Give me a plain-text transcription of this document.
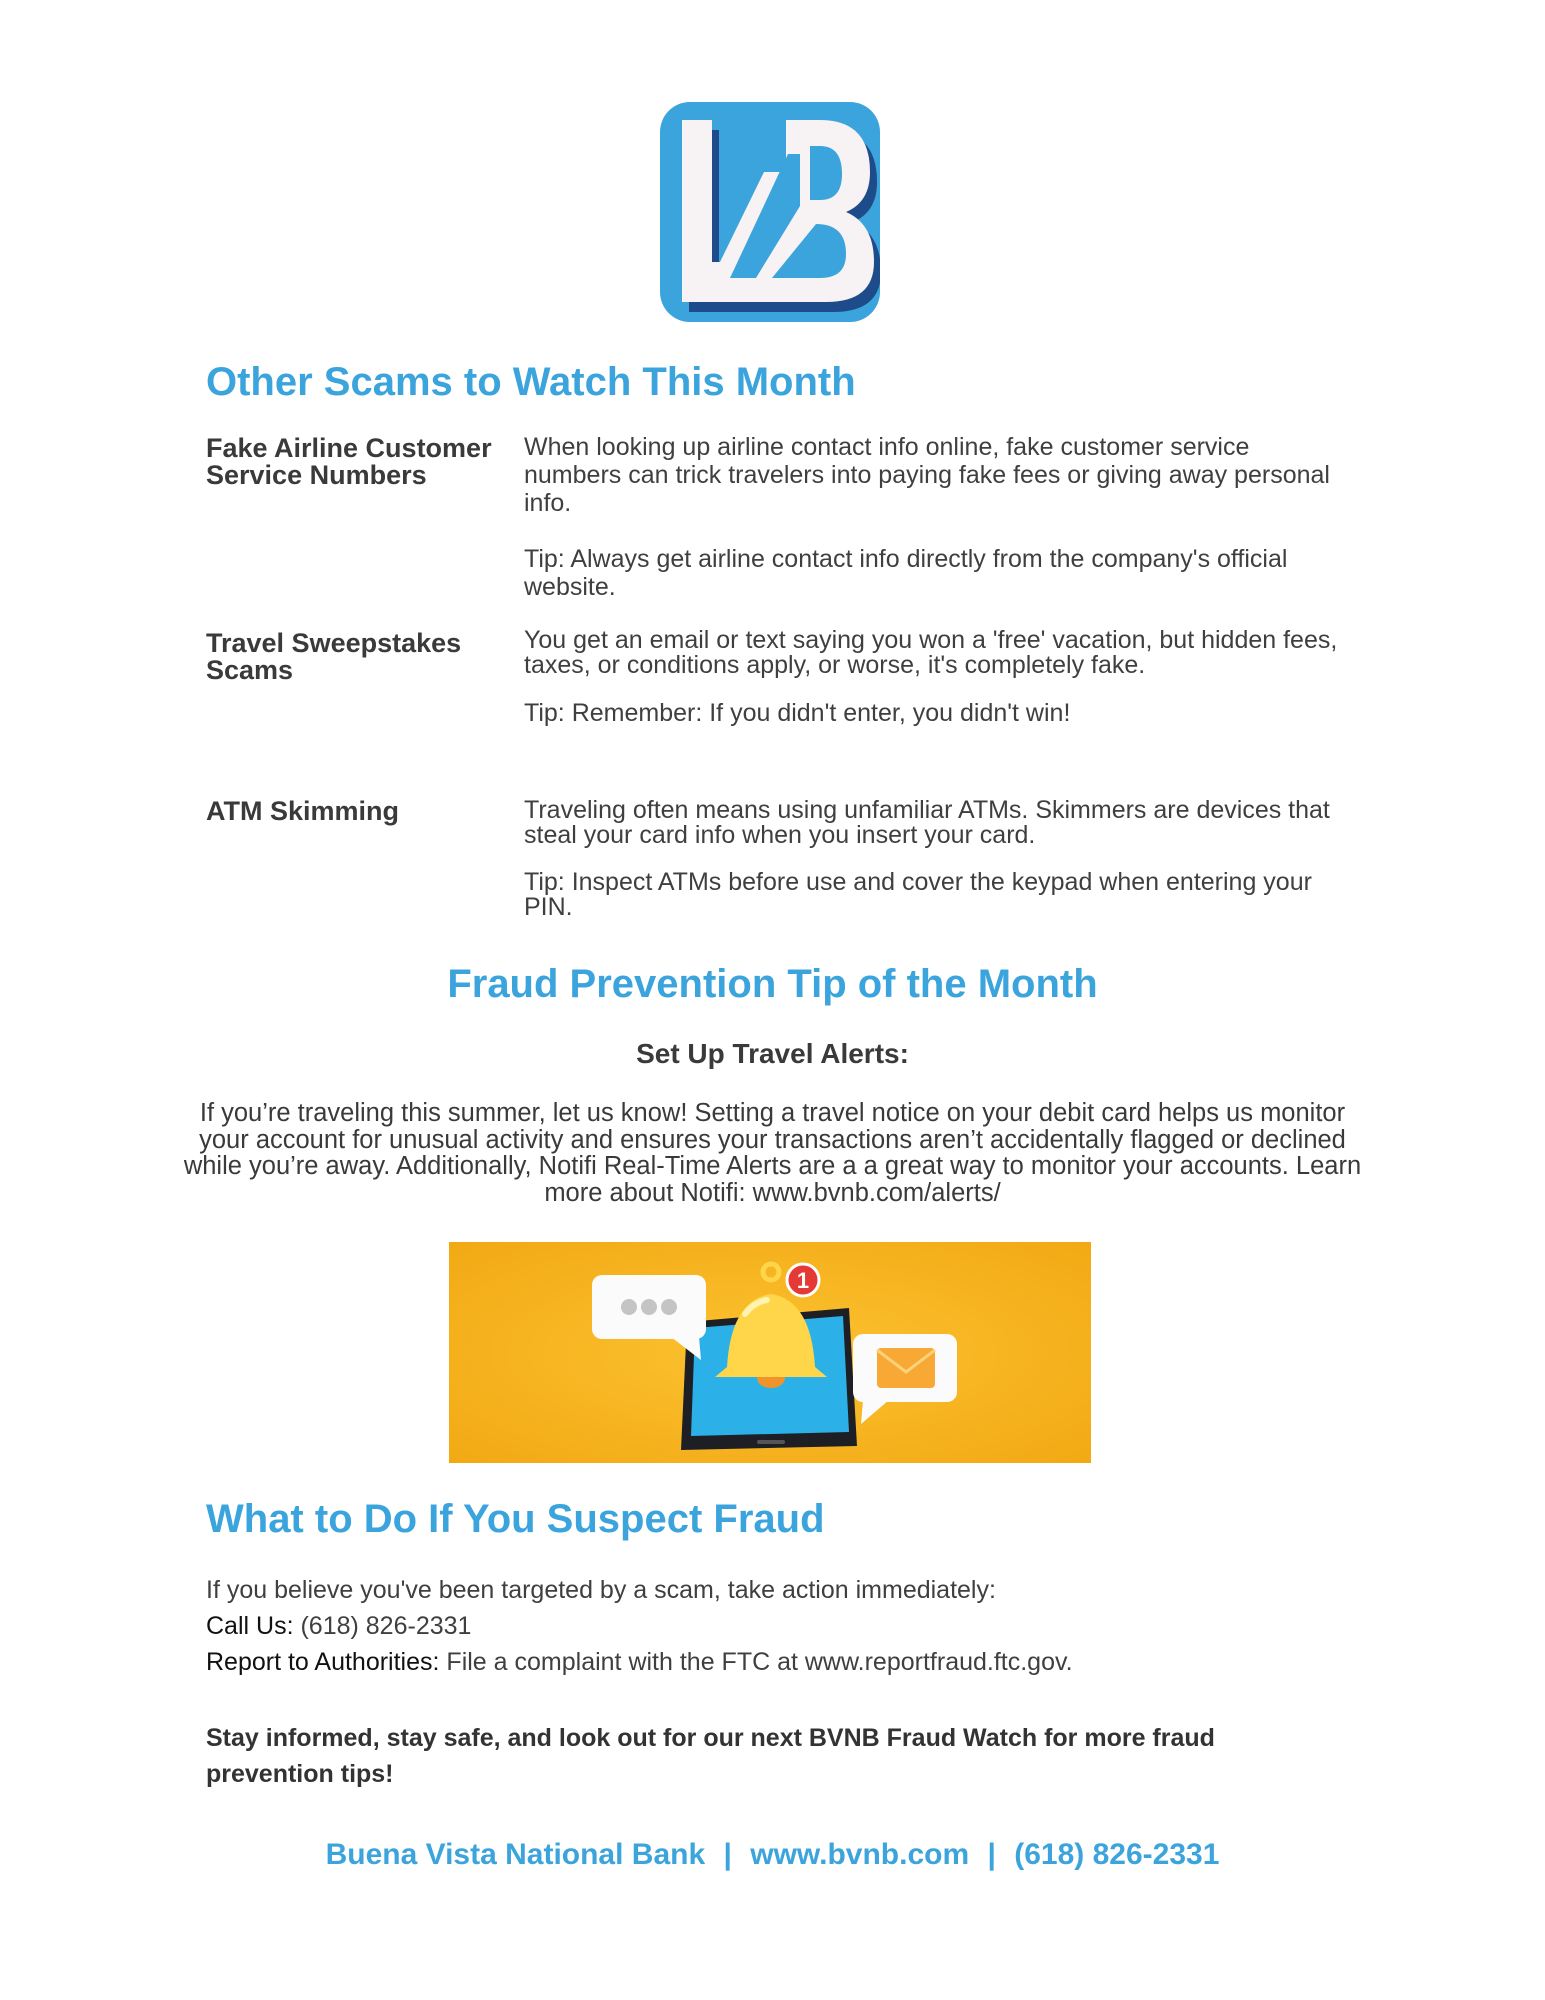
Other Scams to Watch This Month
Fake Airline Customer Service Numbers

When looking up airline contact info online, fake customer service numbers can trick travelers into paying fake fees or giving away personal info.

Tip: Always get airline contact info directly from the company's official website.

Travel Sweepstakes Scams

You get an email or text saying you won a 'free' vacation, but hidden fees, taxes, or conditions apply, or worse, it's completely fake.

Tip: Remember: If you didn't enter, you didn't win!

ATM Skimming	Traveling often means using unfamiliar ATMs. Skimmers are devices that steal your card info when you insert your card.

Tip: Inspect ATMs before use and cover the keypad when entering your PIN.

Fraud Prevention Tip of the Month
Set Up Travel Alerts:

If you’re traveling this summer, let us know! Setting a travel notice on your debit card helps us monitor your account for unusual activity and ensures your transactions aren’t accidentally flagged or declined while you’re away. Additionally, Notifi Real-Time Alerts are a a great way to monitor your accounts. Learn more about Notifi: www.bvnb.com/alerts/

1
What to Do If You Suspect Fraud

If you believe you've been targeted by a scam, take action immediately:

Call Us: (618) 826-2331

Report to Authorities: File a complaint with the FTC at www.reportfraud.ftc.gov.

Stay informed, stay safe, and look out for our next BVNB Fraud Watch for more fraud prevention tips!

Buena Vista National Bank | www.bvnb.com | (618) 826-2331
